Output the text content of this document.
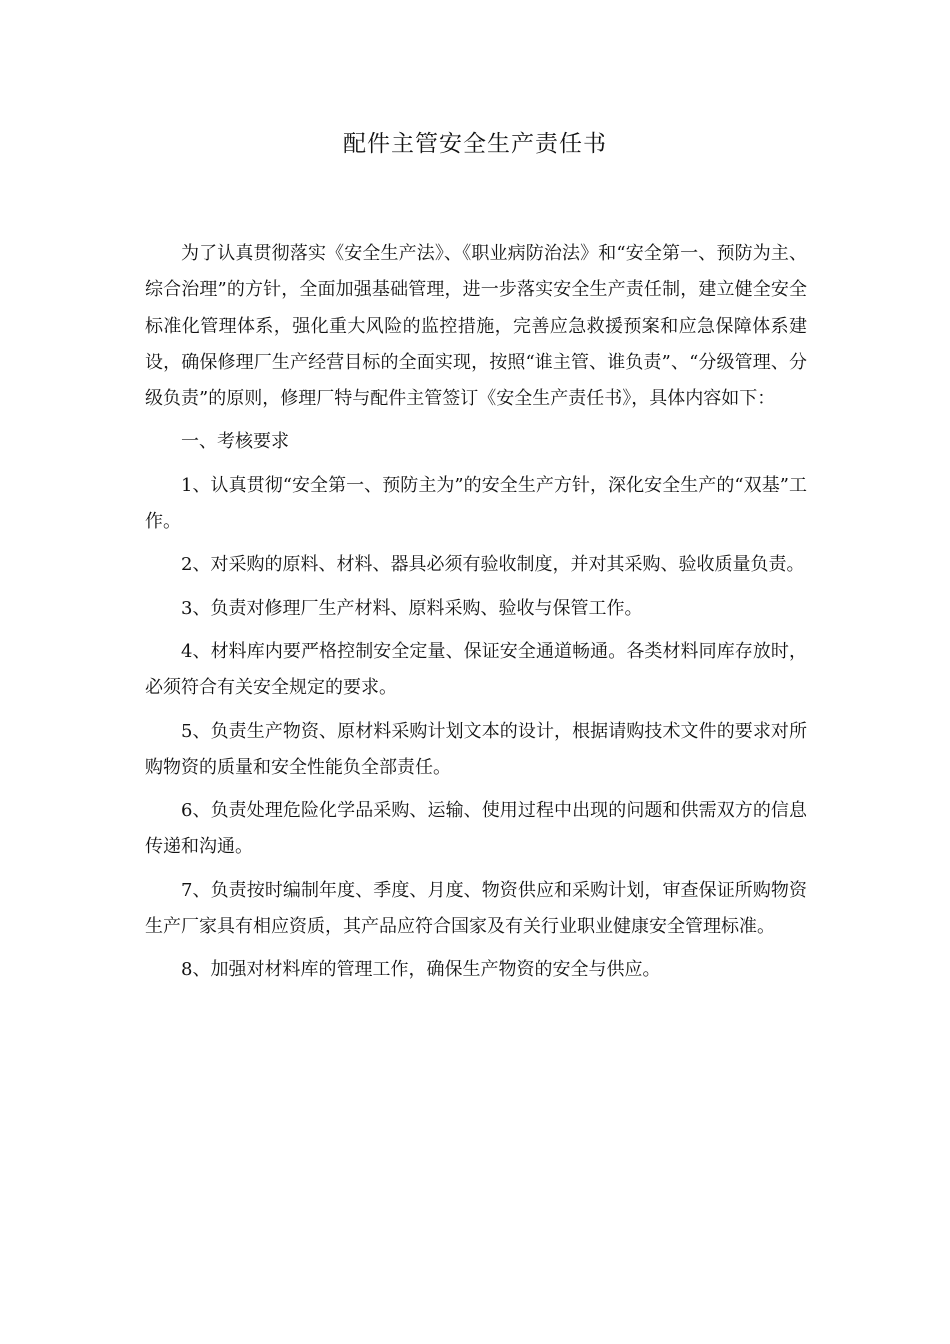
配件主管安全生产责任书

为了认真贯彻落实《安全生产法》、《职业病防治法》和“安全第一、预防为主、综合治理”的方针，全面加强基础管理，进一步落实安全生产责任制，建立健全安全标准化管理体系，强化重大风险的监控措施，完善应急救援预案和应急保障体系建设，确保修理厂生产经营目标的全面实现，按照“谁主管、谁负责”、“分级管理、分级负责”的原则，修理厂特与配件主管签订《安全生产责任书》，具体内容如下：

一、考核要求

1、认真贯彻“安全第一、预防主为”的安全生产方针，深化安全生产的“双基”工作。

2、对采购的原料、材料、器具必须有验收制度，并对其采购、验收质量负责。

3、负责对修理厂生产材料、原料采购、验收与保管工作。

4、材料库内要严格控制安全定量、保证安全通道畅通。各类材料同库存放时，必须符合有关安全规定的要求。

5、负责生产物资、原材料采购计划文本的设计，根据请购技术文件的要求对所购物资的质量和安全性能负全部责任。

6、负责处理危险化学品采购、运输、使用过程中出现的问题和供需双方的信息传递和沟通。

7、负责按时编制年度、季度、月度、物资供应和采购计划，审查保证所购物资生产厂家具有相应资质，其产品应符合国家及有关行业职业健康安全管理标准。

8、加强对材料库的管理工作，确保生产物资的安全与供应。
